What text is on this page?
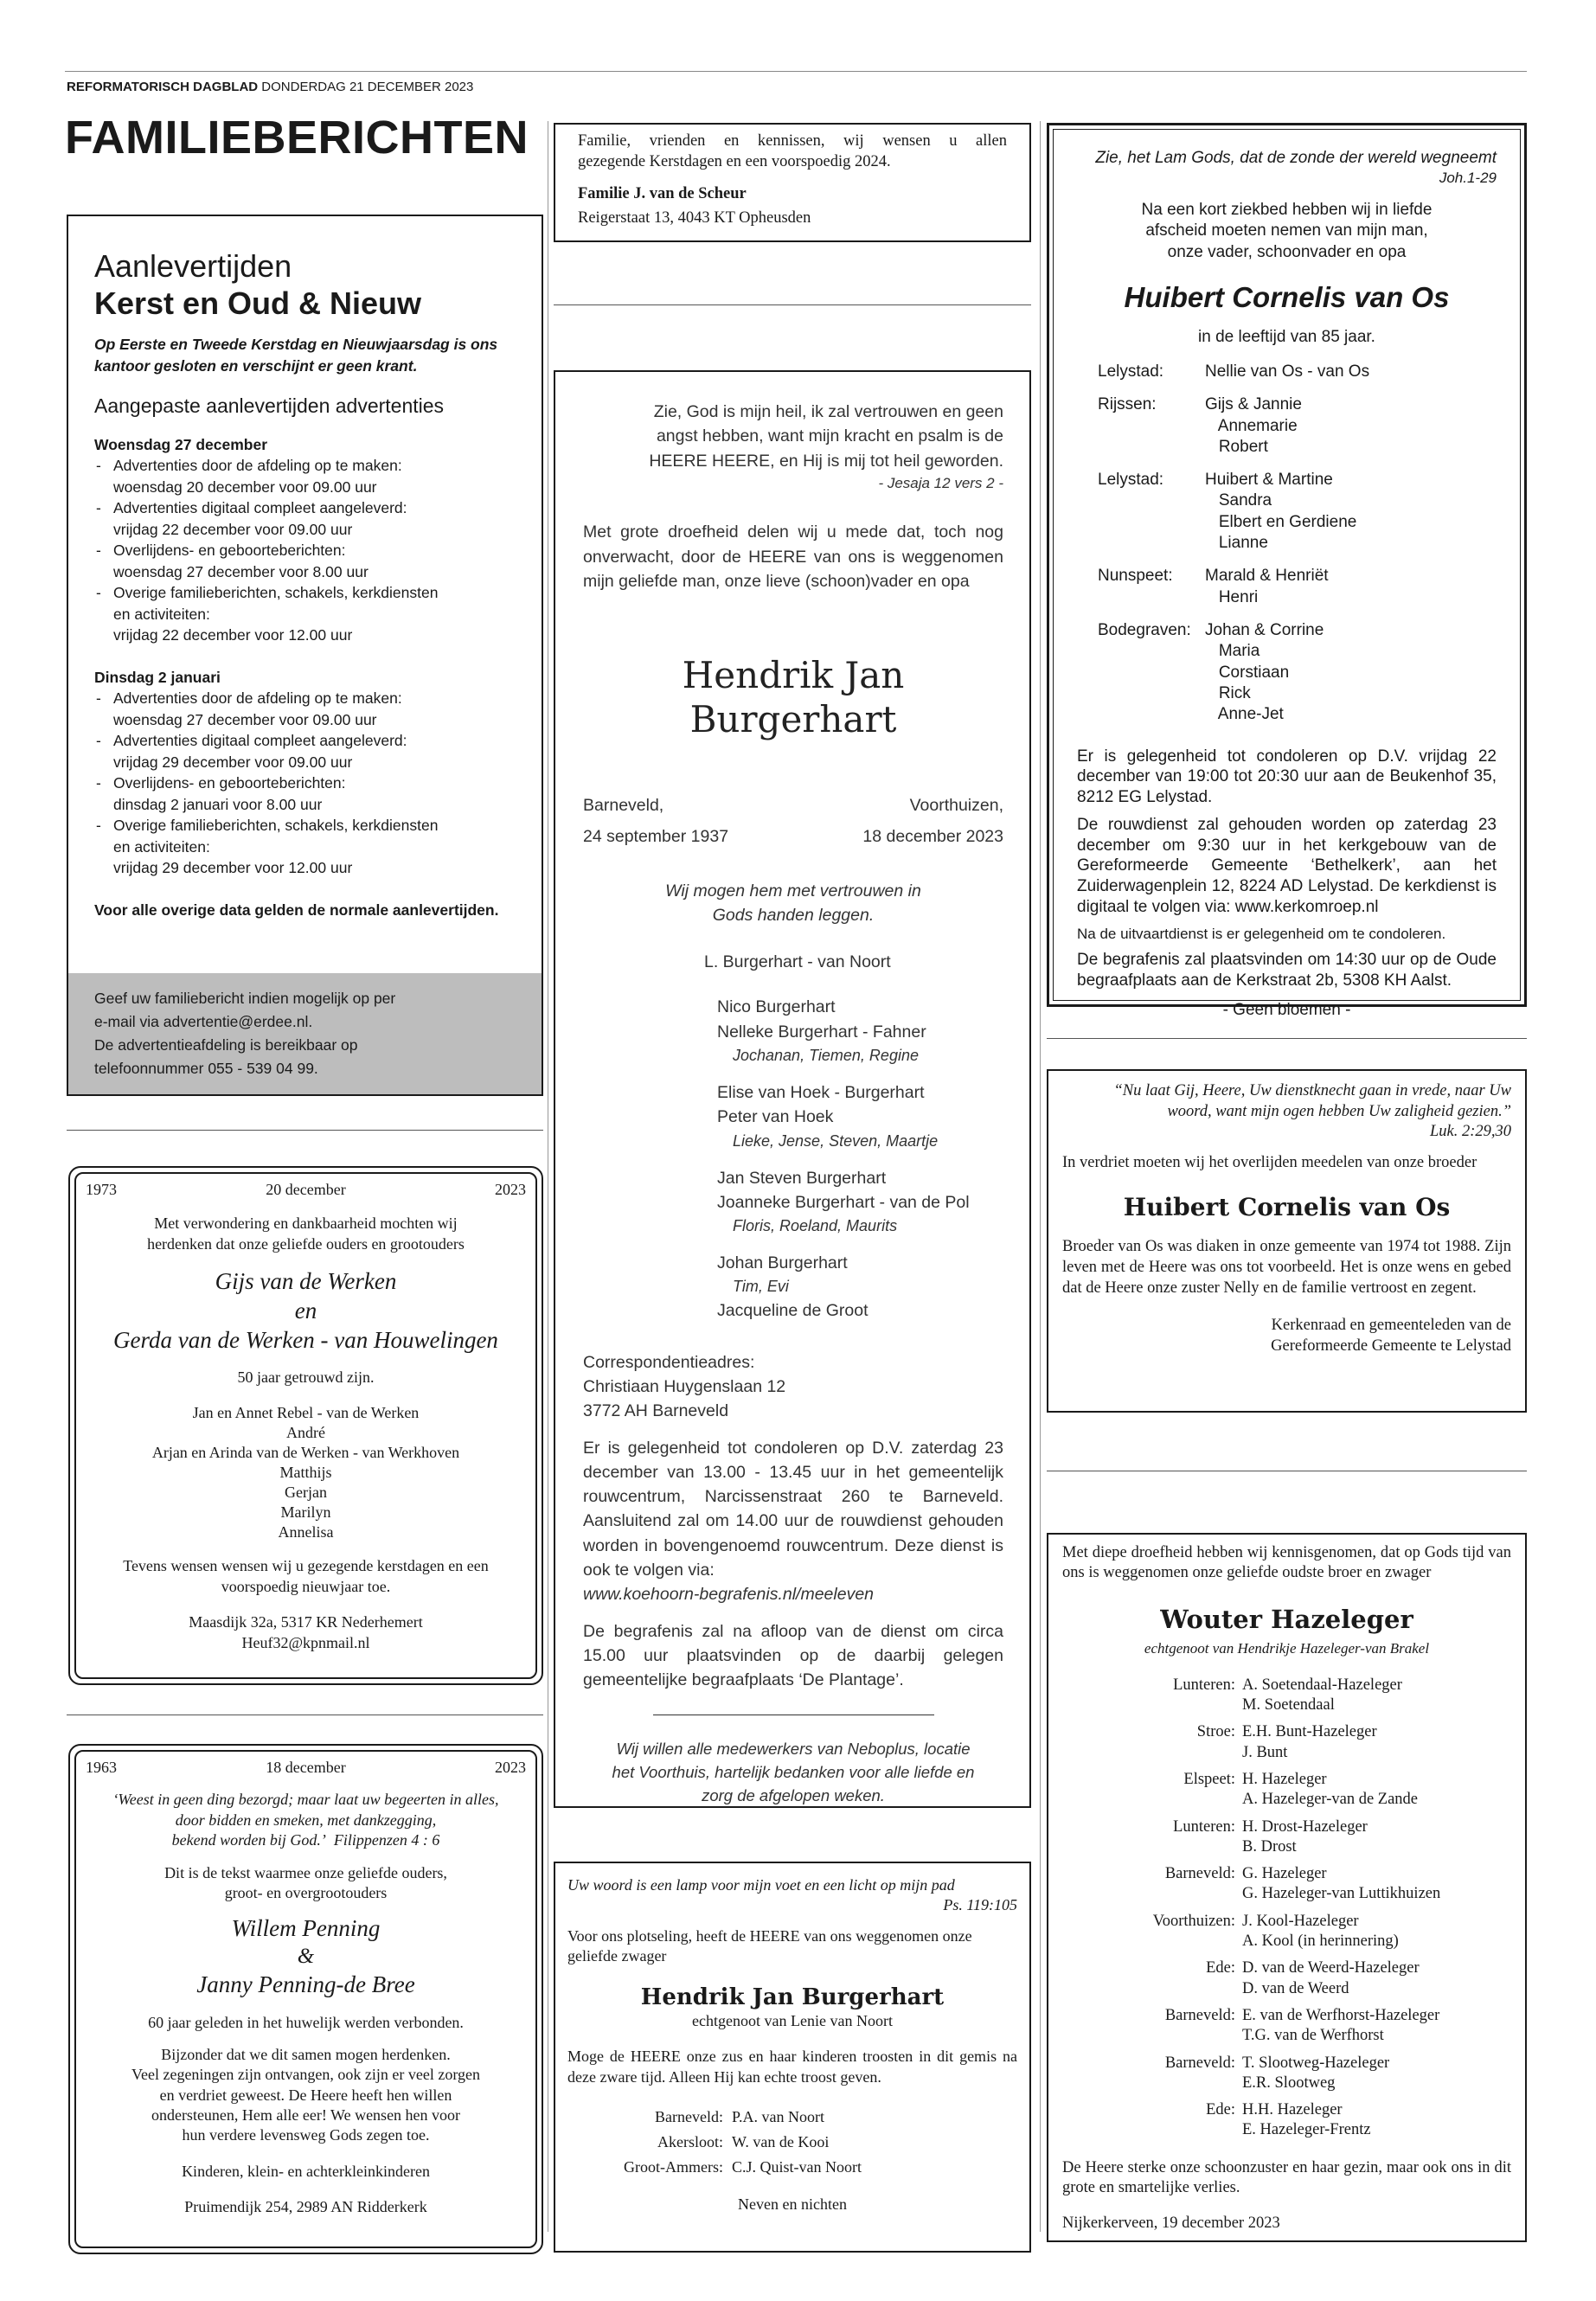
REFORMATORISCH DAGBLAD DONDERDAG 21 DECEMBER 2023
FAMILIEBERICHTEN
Aanlevertijden
Kerst en Oud & Nieuw
Op Eerste en Tweede Kerstdag en Nieuwjaarsdag is ons kantoor gesloten en verschijnt er geen krant.
Aangepaste aanlevertijden advertenties
Woensdag 27 december
- Advertenties door de afdeling op te maken:
woensdag 20 december voor 09.00 uur
- Advertenties digitaal compleet aangeleverd:
vrijdag 22 december voor 09.00 uur
- Overlijdens- en geboorteberichten:
woensdag 27 december voor 8.00 uur
- Overige familieberichten, schakels, kerkdiensten
en activiteiten:
vrijdag 22 december voor 12.00 uur
Dinsdag 2 januari
- Advertenties door de afdeling op te maken:
woensdag 27 december voor 09.00 uur
- Advertenties digitaal compleet aangeleverd:
vrijdag 29 december voor 09.00 uur
- Overlijdens- en geboorteberichten:
dinsdag 2 januari voor 8.00 uur
- Overige familieberichten, schakels, kerkdiensten
en activiteiten:
vrijdag 29 december voor 12.00 uur
Voor alle overige data gelden de normale aanlevertijden.
Geef uw familiebericht indien mogelijk op per
e-mail via advertentie@erdee.nl.
De advertentieafdeling is bereikbaar op
telefoonnummer 055 - 539 04 99.
1973	20 december	2023
Met verwondering en dankbaarheid mochten wij
herdenken dat onze geliefde ouders en grootouders
Gijs van de Werken
en
Gerda van de Werken - van Houwelingen
50 jaar getrouwd zijn.
Jan en Annet Rebel - van de Werken
André
Arjan en Arinda van de Werken - van Werkhoven
Matthijs
Gerjan
Marilyn
Annelisa
Tevens wensen wensen wij u gezegende kerstdagen en een
voorspoedig nieuwjaar toe.
Maasdijk 32a, 5317 KR Nederhemert
Heuf32@kpnmail.nl
1963	18 december	2023
‘Weest in geen ding bezorgd; maar laat uw begeerten in alles,
door bidden en smeken, met dankzegging,
bekend worden bij God.’ Filippenzen 4 : 6
Dit is de tekst waarmee onze geliefde ouders,
groot- en overgrootouders
Willem Penning
&
Janny Penning-de Bree
60 jaar geleden in het huwelijk werden verbonden.
Bijzonder dat we dit samen mogen herdenken.
Veel zegeningen zijn ontvangen, ook zijn er veel zorgen
en verdriet geweest. De Heere heeft hen willen
ondersteunen, Hem alle eer! We wensen hen voor
hun verdere levensweg Gods zegen toe.
Kinderen, klein- en achterkleinkinderen
Pruimendijk 254, 2989 AN Ridderkerk
Familie, vrienden en kennissen, wij wensen u allen
gezegende Kerstdagen en een voorspoedig 2024.
Familie J. van de Scheur
Reigerstaat 13, 4043 KT Opheusden
Zie, God is mijn heil, ik zal vertrouwen en geen
angst hebben, want mijn kracht en psalm is de
HEERE HEERE, en Hij is mij tot heil geworden.
- Jesaja 12 vers 2 -
Met grote droefheid delen wij u mede dat, toch nog onverwacht, door de HEERE van ons is weggenomen mijn geliefde man, onze lieve (schoon)vader en opa
Hendrik Jan Burgerhart
Barneveld,
24 september 1937
Voorthuizen,
18 december 2023
Wij mogen hem met vertrouwen in
Gods handen leggen.
L. Burgerhart - van Noort
Nico Burgerhart
Nelleke Burgerhart - Fahner
Jochanan, Tiemen, Regine
Elise van Hoek - Burgerhart
Peter van Hoek
Lieke, Jense, Steven, Maartje
Jan Steven Burgerhart
Joanneke Burgerhart - van de Pol
Floris, Roeland, Maurits
Johan Burgerhart
Tim, Evi
Jacqueline de Groot
Correspondentieadres:
Christiaan Huygenslaan 12
3772 AH Barneveld
Er is gelegenheid tot condoleren op D.V. zaterdag 23 december van 13.00 - 13.45 uur in het gemeentelijk rouwcentrum, Narcissenstraat 260 te Barneveld. Aansluitend zal om 14.00 uur de rouwdienst gehouden worden in bovengenoemd rouwcentrum. Deze dienst is ook te volgen via:
www.koehoorn-begrafenis.nl/meeleven
De begrafenis zal na afloop van de dienst om circa 15.00 uur plaatsvinden op de daarbij gelegen gemeentelijke begraafplaats ‘De Plantage’.
Wij willen alle medewerkers van Neboplus, locatie
het Voorthuis, hartelijk bedanken voor alle liefde en
zorg de afgelopen weken.
Uw woord is een lamp voor mijn voet en een licht op mijn pad
Ps. 119:105
Voor ons plotseling, heeft de HEERE van ons weggenomen onze geliefde zwager
Hendrik Jan Burgerhart
echtgenoot van Lenie van Noort
Moge de HEERE onze zus en haar kinderen troosten in dit gemis na deze zware tijd. Alleen Hij kan echte troost geven.
Barneveld: P.A. van Noort
Akersloot: W. van de Kooi
Groot-Ammers: C.J. Quist-van Noort
Neven en nichten
Zie, het Lam Gods, dat de zonde der wereld wegneemt
Joh.1-29
Na een kort ziekbed hebben wij in liefde
afscheid moeten nemen van mijn man,
onze vader, schoonvader en opa
Huibert Cornelis van Os
in de leeftijd van 85 jaar.
Lelystad:	Nellie van Os - van Os
Rijssen:	Gijs & Jannie
Annemarie
Robert
Lelystad:	Huibert & Martine
Sandra
Elbert en Gerdiene
Lianne
Nunspeet:	Marald & Henriët
Henri
Bodegraven: Johan & Corrine
Maria
Corstiaan
Rick
Anne-Jet
Er is gelegenheid tot condoleren op D.V. vrijdag 22 december van 19:00 tot 20:30 uur aan de Beukenhof 35, 8212 EG Lelystad.
De rouwdienst zal gehouden worden op zaterdag 23 december om 9:30 uur in het kerkgebouw van de Gereformeerde Gemeente ‘Bethelkerk’, aan het Zuiderwagenplein 12, 8224 AD Lelystad. De kerkdienst is digitaal te volgen via: www.kerkomroep.nl
Na de uitvaartdienst is er gelegenheid om te condoleren.
De begrafenis zal plaatsvinden om 14:30 uur op de Oude begraafplaats aan de Kerkstraat 2b, 5308 KH Aalst.
- Geen bloemen -
“Nu laat Gij, Heere, Uw dienstknecht gaan in vrede, naar Uw
woord, want mijn ogen hebben Uw zaligheid gezien.”
Luk. 2:29,30
In verdriet moeten wij het overlijden meedelen van onze broeder
Huibert Cornelis van Os
Broeder van Os was diaken in onze gemeente van 1974 tot 1988. Zijn leven met de Heere was ons tot voorbeeld. Het is onze wens en gebed dat de Heere onze zuster Nelly en de familie vertroost en zegent.
Kerkenraad en gemeenteleden van de
Gereformeerde Gemeente te Lelystad
Met diepe droefheid hebben wij kennisgenomen, dat op Gods tijd van ons is weggenomen onze geliefde oudste broer en zwager
Wouter Hazeleger
echtgenoot van Hendrikje Hazeleger-van Brakel
Lunteren: A. Soetendaal-Hazeleger
M. Soetendaal
Stroe: E.H. Bunt-Hazeleger
J. Bunt
Elspeet: H. Hazeleger
A. Hazeleger-van de Zande
Lunteren: H. Drost-Hazeleger
B. Drost
Barneveld: G. Hazeleger
G. Hazeleger-van Luttikhuizen
Voorthuizen: J. Kool-Hazeleger
A. Kool (in herinnering)
Ede: D. van de Weerd-Hazeleger
D. van de Weerd
Barneveld: E. van de Werfhorst-Hazeleger
T.G. van de Werfhorst
Barneveld: T. Slootweg-Hazeleger
E.R. Slootweg
Ede: H.H. Hazeleger
E. Hazeleger-Frentz
De Heere sterke onze schoonzuster en haar gezin, maar ook ons in dit grote en smartelijke verlies.
Nijkerkerveen, 19 december 2023
